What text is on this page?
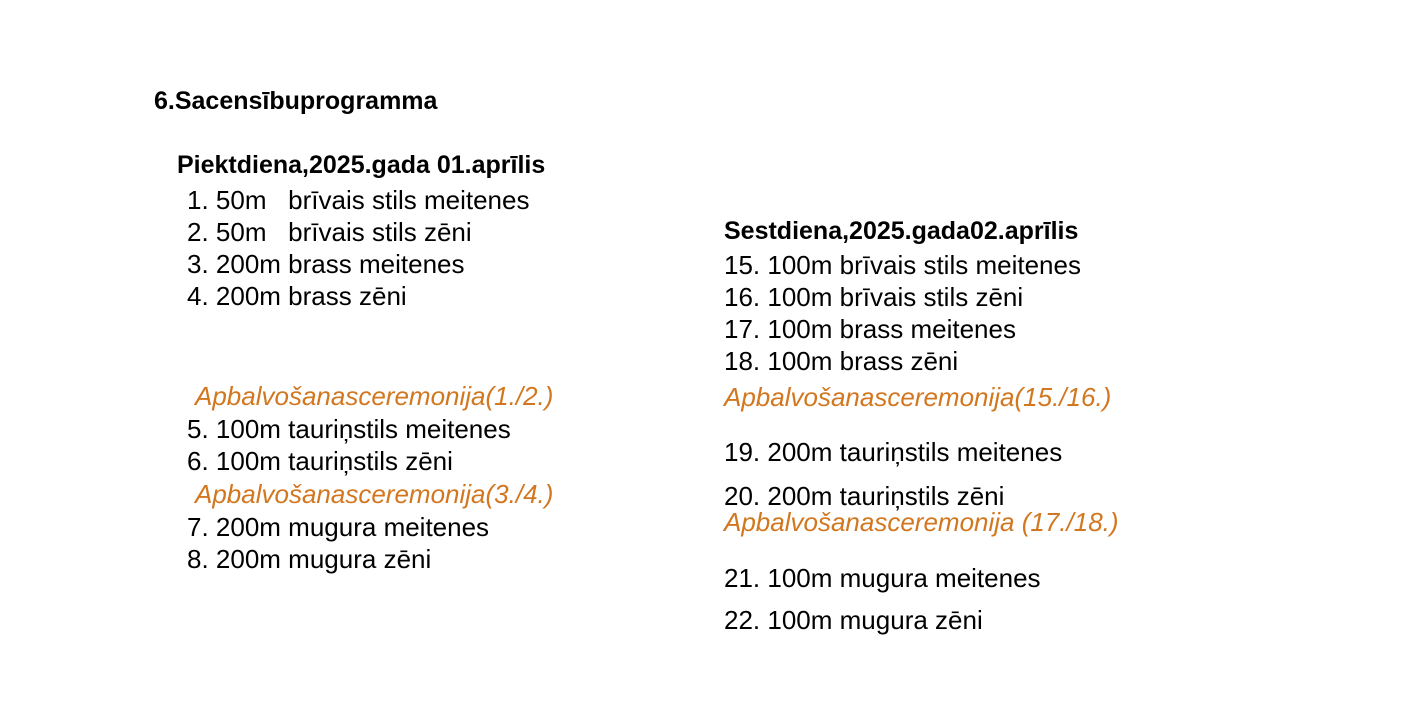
6.Sacensībuprogramma
Piektdiena,2025.gada 01.aprīlis
1. 50m   brīvais stils meitenes
2. 50m   brīvais stils zēni
3. 200m brass meitenes
4. 200m brass zēni
Apbalvošanasceremonija(1./2.)
5. 100m tauriņstils meitenes
6. 100m tauriņstils zēni
Apbalvošanasceremonija(3./4.)
7. 200m mugura meitenes
8. 200m mugura zēni
Sestdiena,2025.gada02.aprīlis
15. 100m brīvais stils meitenes
16. 100m brīvais stils zēni
17. 100m brass meitenes
18. 100m brass zēni
Apbalvošanasceremonija(15./16.)
19. 200m tauriņstils meitenes
20. 200m tauriņstils zēni
Apbalvošanasceremonija (17./18.)
21. 100m mugura meitenes
22. 100m mugura zēni
